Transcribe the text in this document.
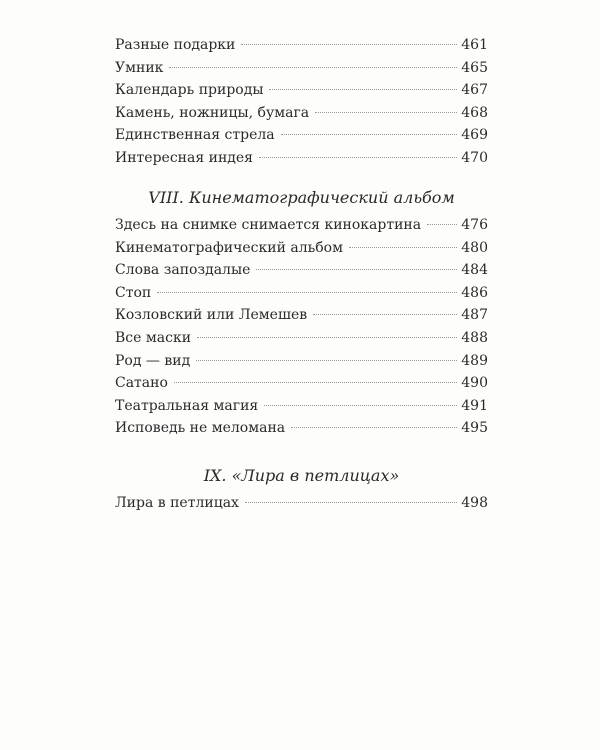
Разные подарки	461
Умник	465
Календарь природы	467
Камень, ножницы, бумага	468
Единственная стрела	469
Интересная индея	470
VIII. Кинематографический альбом
Здесь на снимке снимается кинокартина	476
Кинематографический альбом	480
Слова запоздалые	484
Стоп	486
Козловский или Лемешев	487
Все маски	488
Род — вид	489
Сатано	490
Театральная магия	491
Исповедь не меломана	495
IX. «Лира в петлицах»
Лира в петлицах	498
